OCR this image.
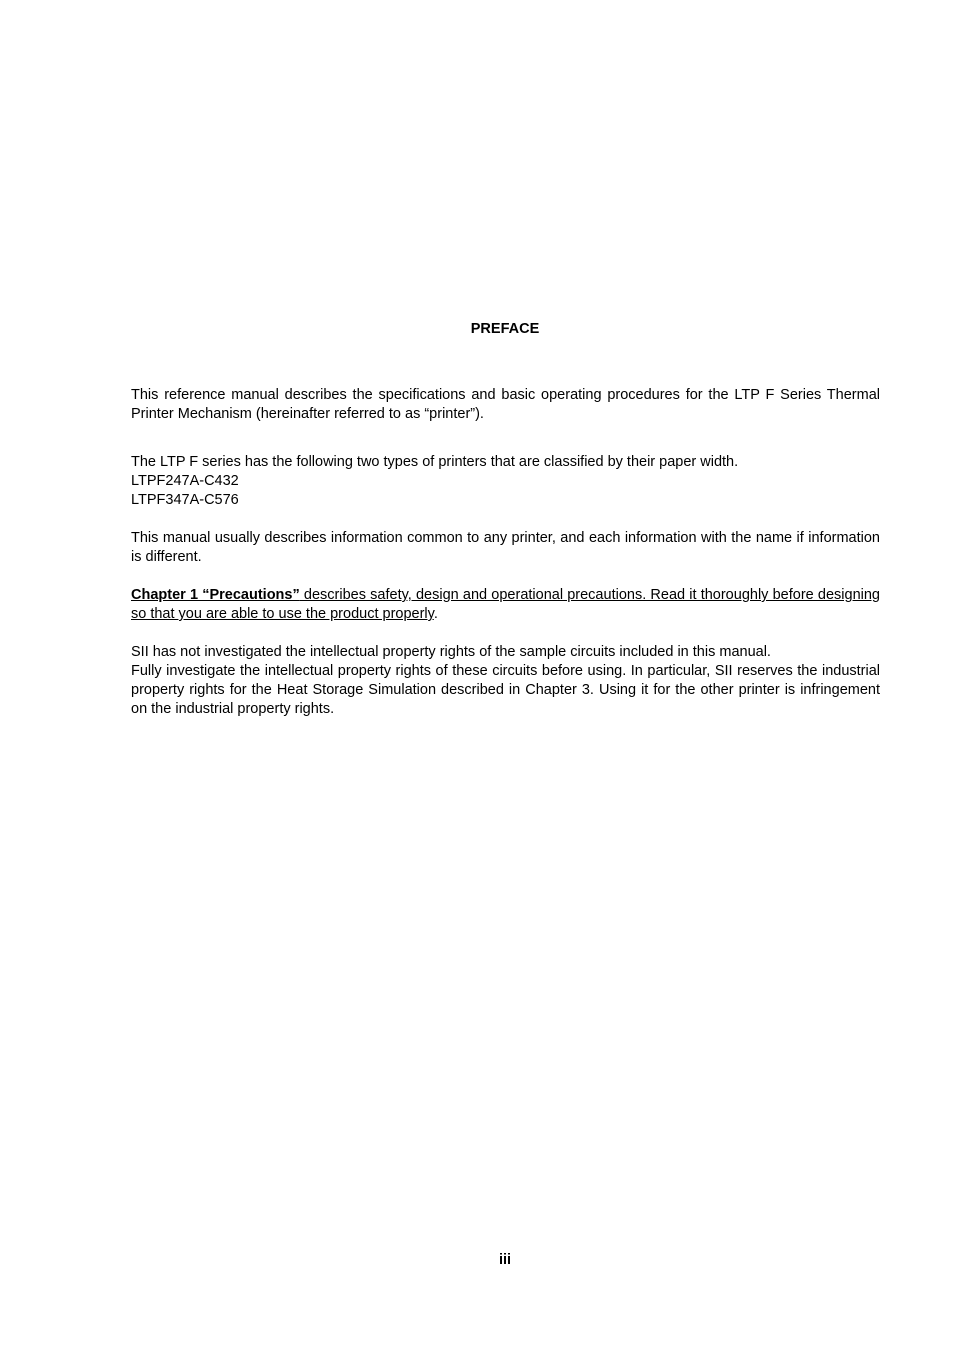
PREFACE

This reference manual describes the specifications and basic operating procedures for the LTP F Series Thermal Printer Mechanism (hereinafter referred to as “printer”).

The LTP F series has the following two types of printers that are classified by their paper width.

LTPF247A-C432
LTPF347A-C576

This manual usually describes information common to any printer, and each information with the name if information is different.

Chapter 1 “Precautions” describes safety, design and operational precautions. Read it thoroughly before designing so that you are able to use the product properly.

SII has not investigated the intellectual property rights of the sample circuits included in this manual.

Fully investigate the intellectual property rights of these circuits before using. In particular, SII reserves the industrial property rights for the Heat Storage Simulation described in Chapter 3. Using it for the other printer is infringement on the industrial property rights.

iii
